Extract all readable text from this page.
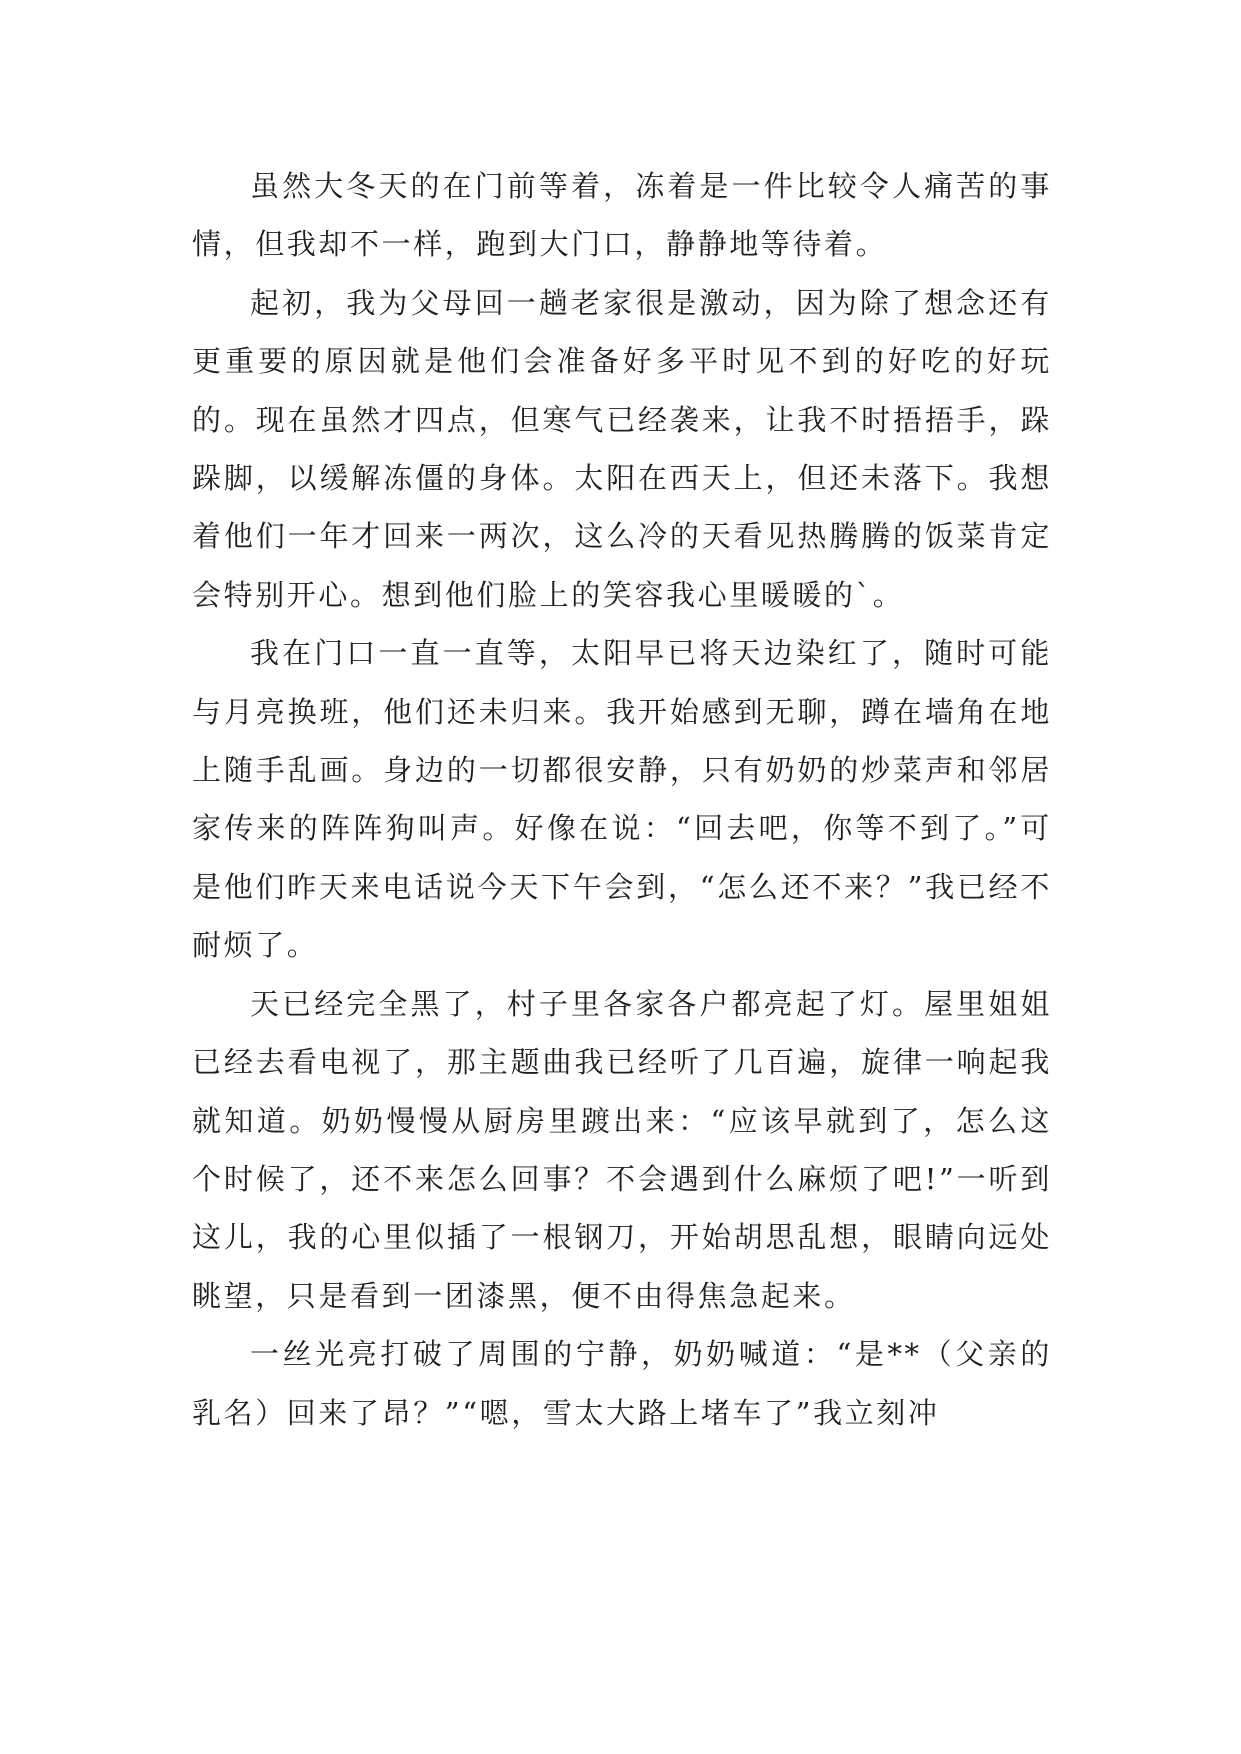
虽然大冬天的在门前等着，冻着是一件比较令人痛苦的事情，但我却不一样，跑到大门口，静静地等待着。

起初，我为父母回一趟老家很是激动，因为除了想念还有更重要的原因就是他们会准备好多平时见不到的好吃的好玩的。现在虽然才四点，但寒气已经袭来，让我不时捂捂手，跺跺脚，以缓解冻僵的身体。太阳在西天上，但还未落下。我想着他们一年才回来一两次，这么冷的天看见热腾腾的饭菜肯定会特别开心。想到他们脸上的笑容我心里暖暖的`。

我在门口一直一直等，太阳早已将天边染红了，随时可能与月亮换班，他们还未归来。我开始感到无聊，蹲在墙角在地上随手乱画。身边的一切都很安静，只有奶奶的炒菜声和邻居家传来的阵阵狗叫声。好像在说：“回去吧，你等不到了。”可是他们昨天来电话说今天下午会到，“怎么还不来？”我已经不耐烦了。

天已经完全黑了，村子里各家各户都亮起了灯。屋里姐姐已经去看电视了，那主题曲我已经听了几百遍，旋律一响起我就知道。奶奶慢慢从厨房里踱出来：“应该早就到了，怎么这个时候了，还不来怎么回事？不会遇到什么麻烦了吧!”一听到这儿，我的心里似插了一根钢刀，开始胡思乱想，眼睛向远处眺望，只是看到一团漆黑，便不由得焦急起来。

一丝光亮打破了周围的宁静，奶奶喊道：“是**（父亲的乳名）回来了昂？”“嗯，雪太大路上堵车了”我立刻冲
